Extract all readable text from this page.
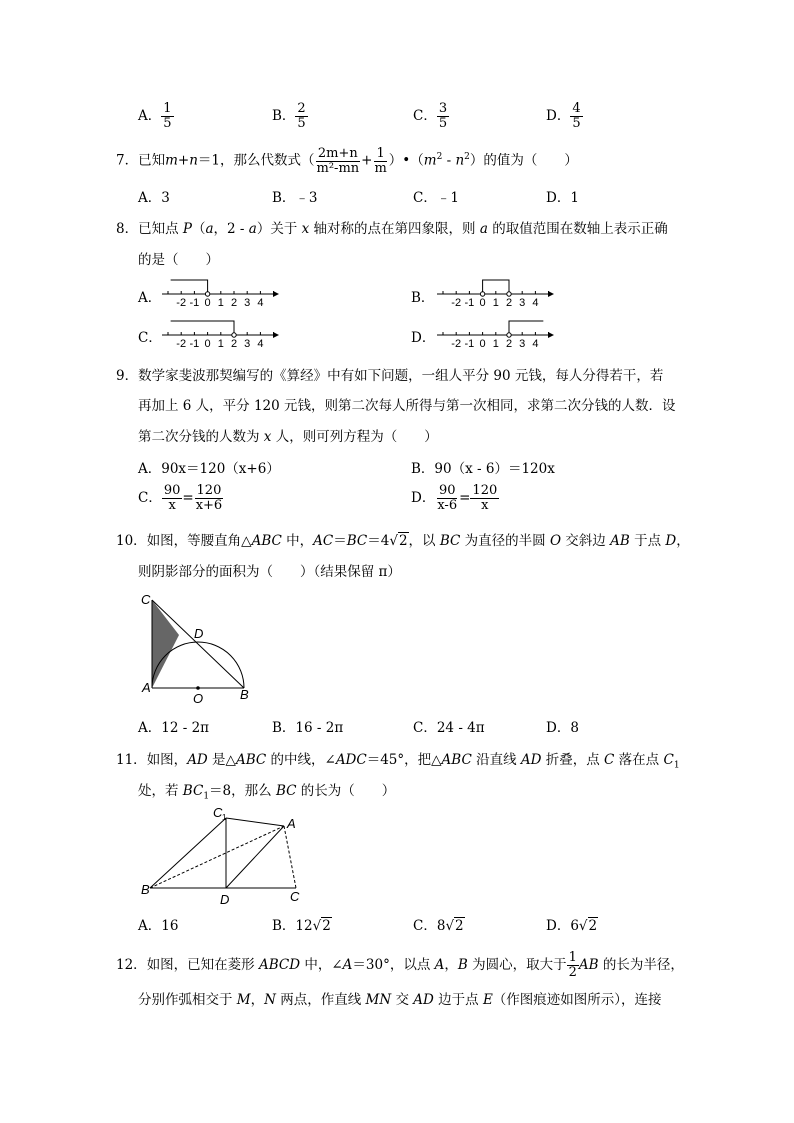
A． $\frac{1}{5}$	B． $\frac{2}{5}$	C． $\frac{3}{5}$	D． $\frac{4}{5}$
7．已知m+n＝1，那么代数式（ $\frac{2m+n}{\text{m²-mn}} + \frac{1}{m}$ ）$•(m^2 - n^2)$的值为（　　）
A．3	B．﹣3	C．﹣1	D．1
8．已知点 P（a，2 - a）关于 x 轴对称的点在第四象限，则 a 的取值范围在数轴上表示正确
的是（　　）
A．	B．
C．	D．
-2 -1 0 1 2 3 4	-2 -1 0 1 2 3 4
-2 -1 0 1 2 3 4	-2 -1 0 1 2 3 4
9．数学家斐波那契编写的《算经》中有如下问题，一组人平分 90 元钱，每人分得若干，若
再加上 6 人，平分 120 元钱，则第二次每人所得与第一次相同，求第二次分钱的人数．设
第二次分钱的人数为 x 人，则可列方程为（　　）
A．90x＝120（x+6）	B．90（x - 6）＝120x
C． $\frac{90}{x} = \frac{120}{x+6}$	D． $\frac{90}{x-6} = \frac{120}{x}$
10．如图，等腰直角△ABC 中，AC＝BC＝4√2，以 BC 为直径的半圆 O 交斜边 AB 于点 D，
则阴影部分的面积为（　　）（结果保留 π）
C
D
A
O	B
A．12 - 2π	B．16 - 2π	C．24 - 4π	D．8
11．如图，AD 是△ABC 的中线，∠ADC＝45°，把△ABC 沿直线 AD 折叠，点 C 落在点 $C_1$
处，若 $BC_1=8$，那么 BC 的长为（　　）
C 1	A
B
D	C
A．16	B．12√2	C．8√2	D．6√2
12．如图，已知在菱形 ABCD 中，∠A＝30°，以点 A，B 为圆心，取大于 $\frac{1}{2}$ AB 的长为半径，
分别作弧相交于 M，N 两点，作直线 MN 交 AD 边于点 E（作图痕迹如图所示），连接
